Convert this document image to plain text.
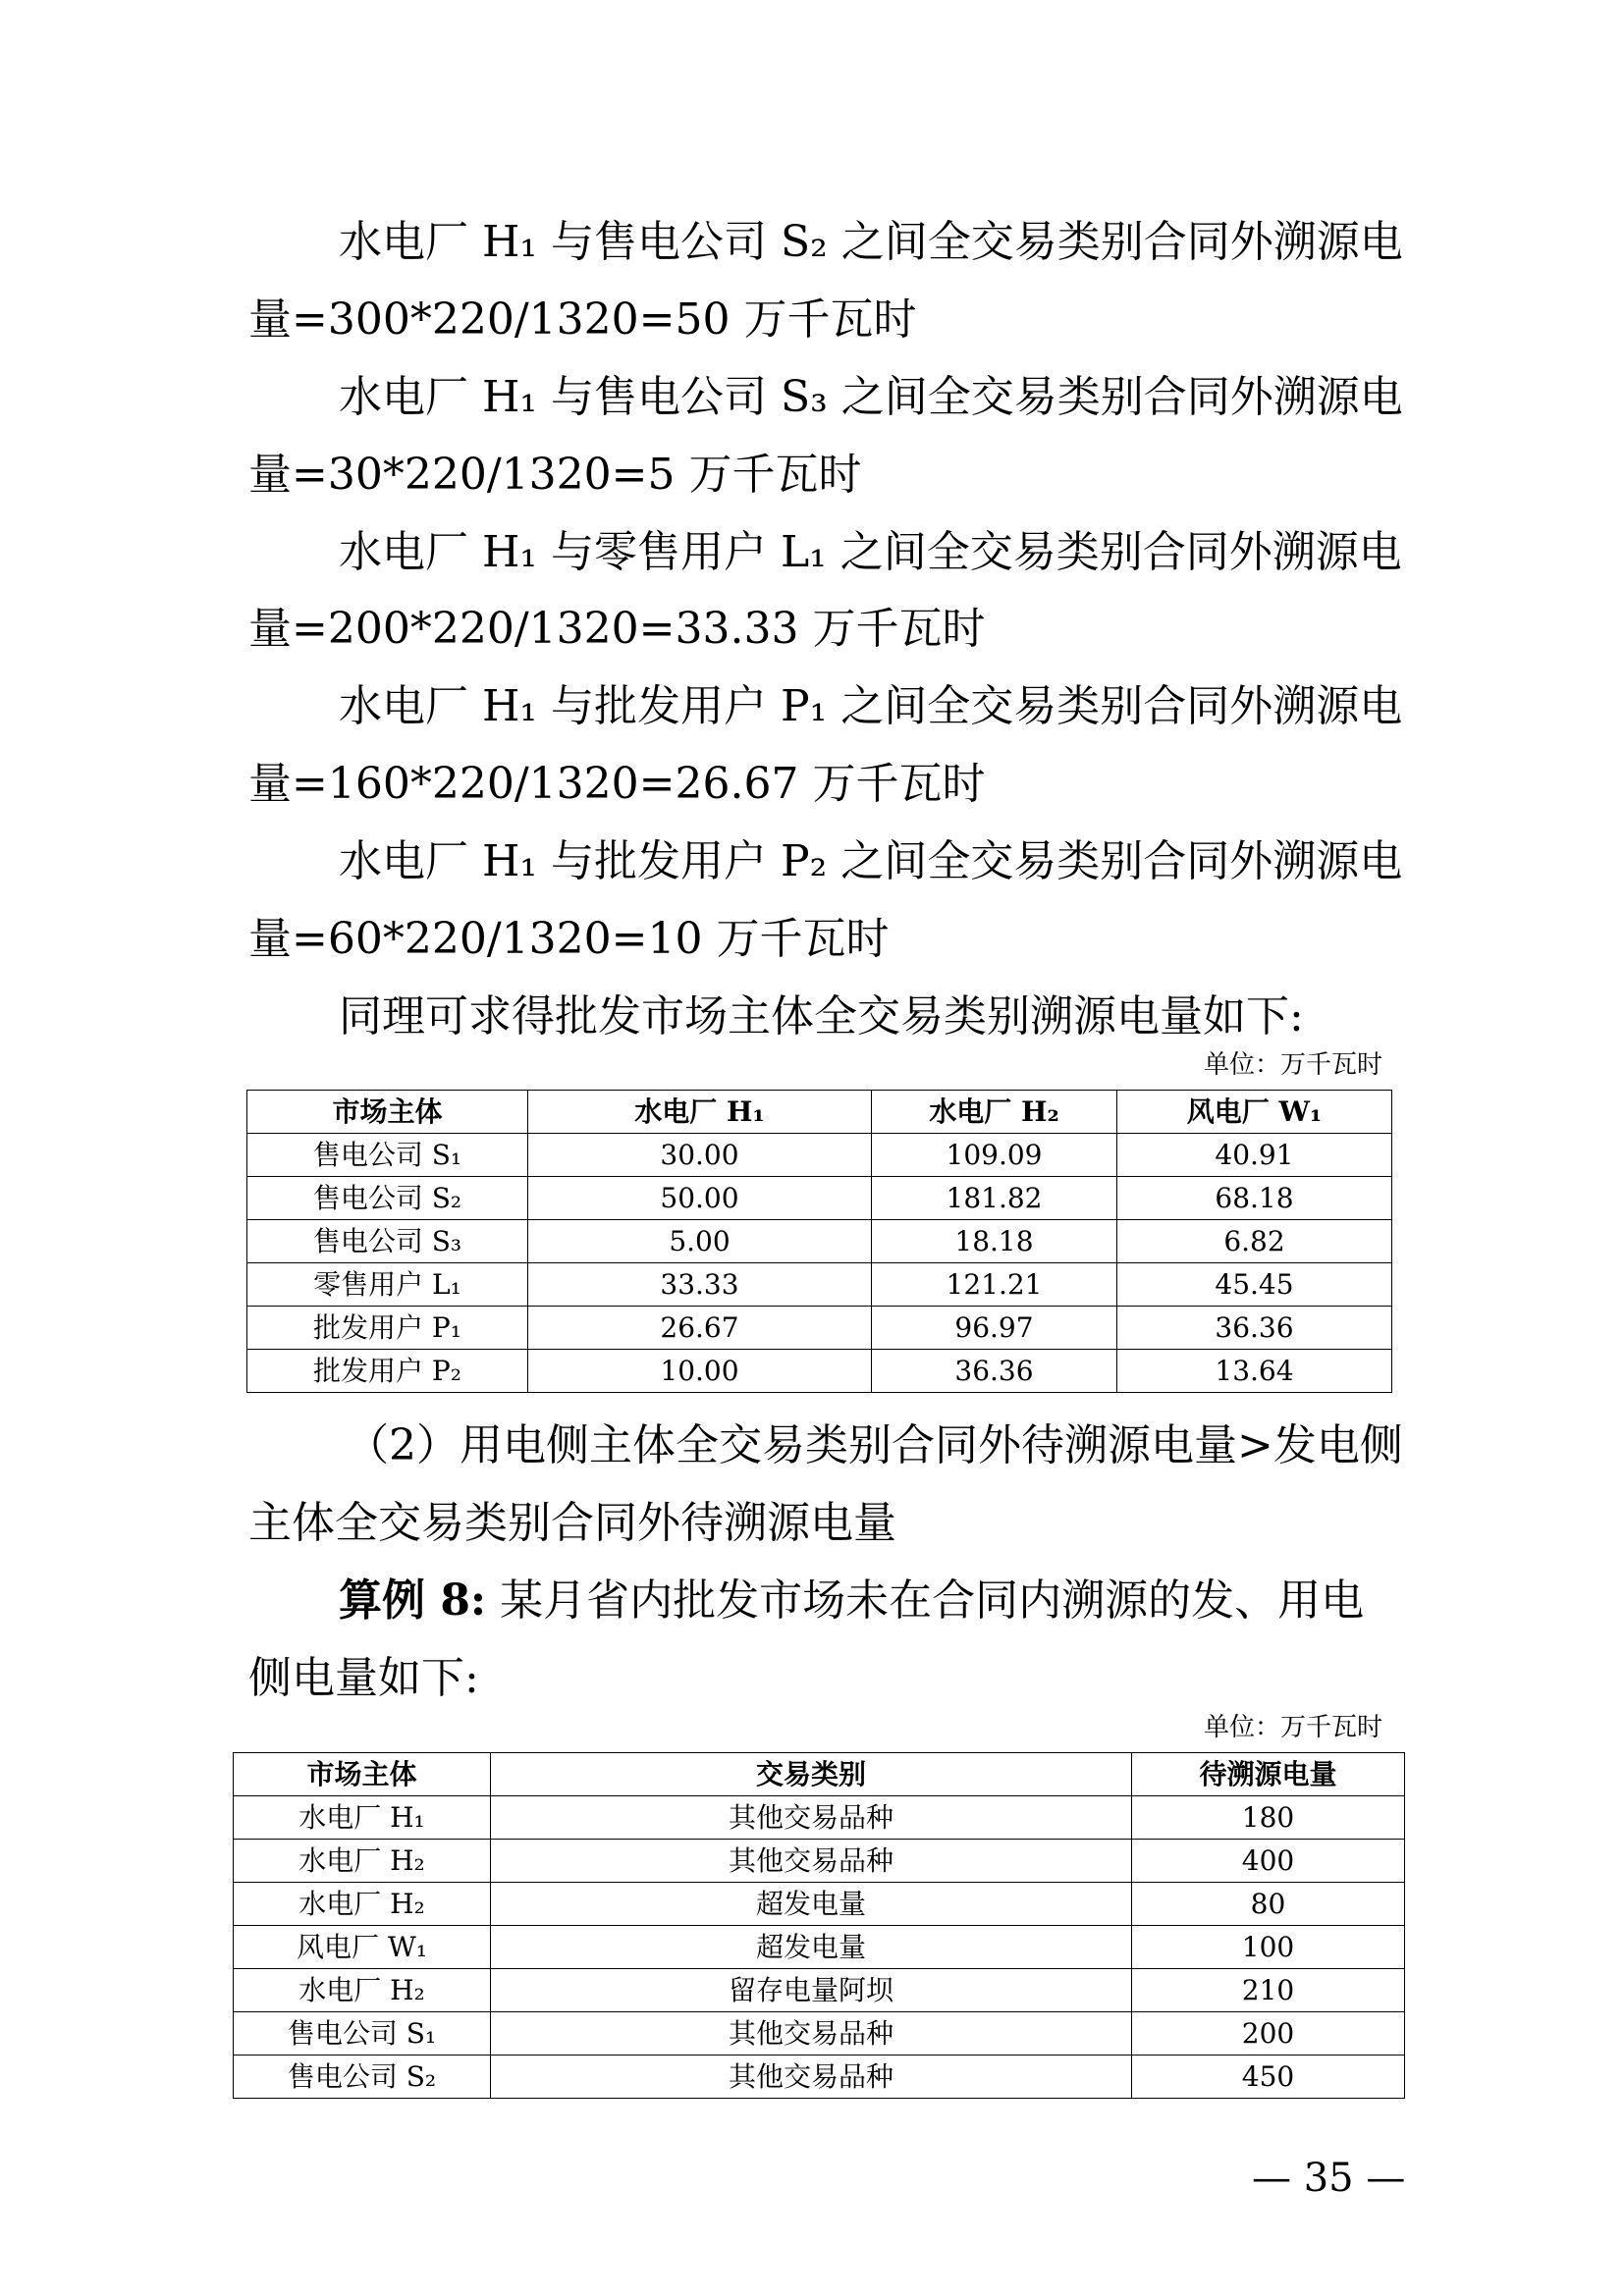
水电厂 H₁ 与售电公司 S₂ 之间全交易类别合同外溯源电
量=300*220/1320=50 万千瓦时
水电厂 H₁ 与售电公司 S₃ 之间全交易类别合同外溯源电
量=30*220/1320=5 万千瓦时
水电厂 H₁ 与零售用户 L₁ 之间全交易类别合同外溯源电
量=200*220/1320=33.33 万千瓦时
水电厂 H₁ 与批发用户 P₁ 之间全交易类别合同外溯源电
量=160*220/1320=26.67 万千瓦时
水电厂 H₁ 与批发用户 P₂ 之间全交易类别合同外溯源电
量=60*220/1320=10 万千瓦时
同理可求得批发市场主体全交易类别溯源电量如下:
单位：万千瓦时
市场主体	水电厂 H₁	水电厂 H₂	风电厂 W₁
售电公司 S₁	30.00	109.09	40.91
售电公司 S₂	50.00	181.82	68.18
售电公司 S₃	5.00	18.18	6.82
零售用户 L₁	33.33	121.21	45.45
批发用户 P₁	26.67	96.97	36.36
批发用户 P₂	10.00	36.36	13.64
（2）用电侧主体全交易类别合同外待溯源电量>发电侧
主体全交易类别合同外待溯源电量
算例 8: 某月省内批发市场未在合同内溯源的发、用电
侧电量如下:
单位：万千瓦时
市场主体	交易类别	待溯源电量
水电厂 H₁	其他交易品种	180
水电厂 H₂	其他交易品种	400
水电厂 H₂	超发电量	80
风电厂 W₁	超发电量	100
水电厂 H₂	留存电量阿坝	210
售电公司 S₁	其他交易品种	200
售电公司 S₂	其他交易品种	450
— 35 —
